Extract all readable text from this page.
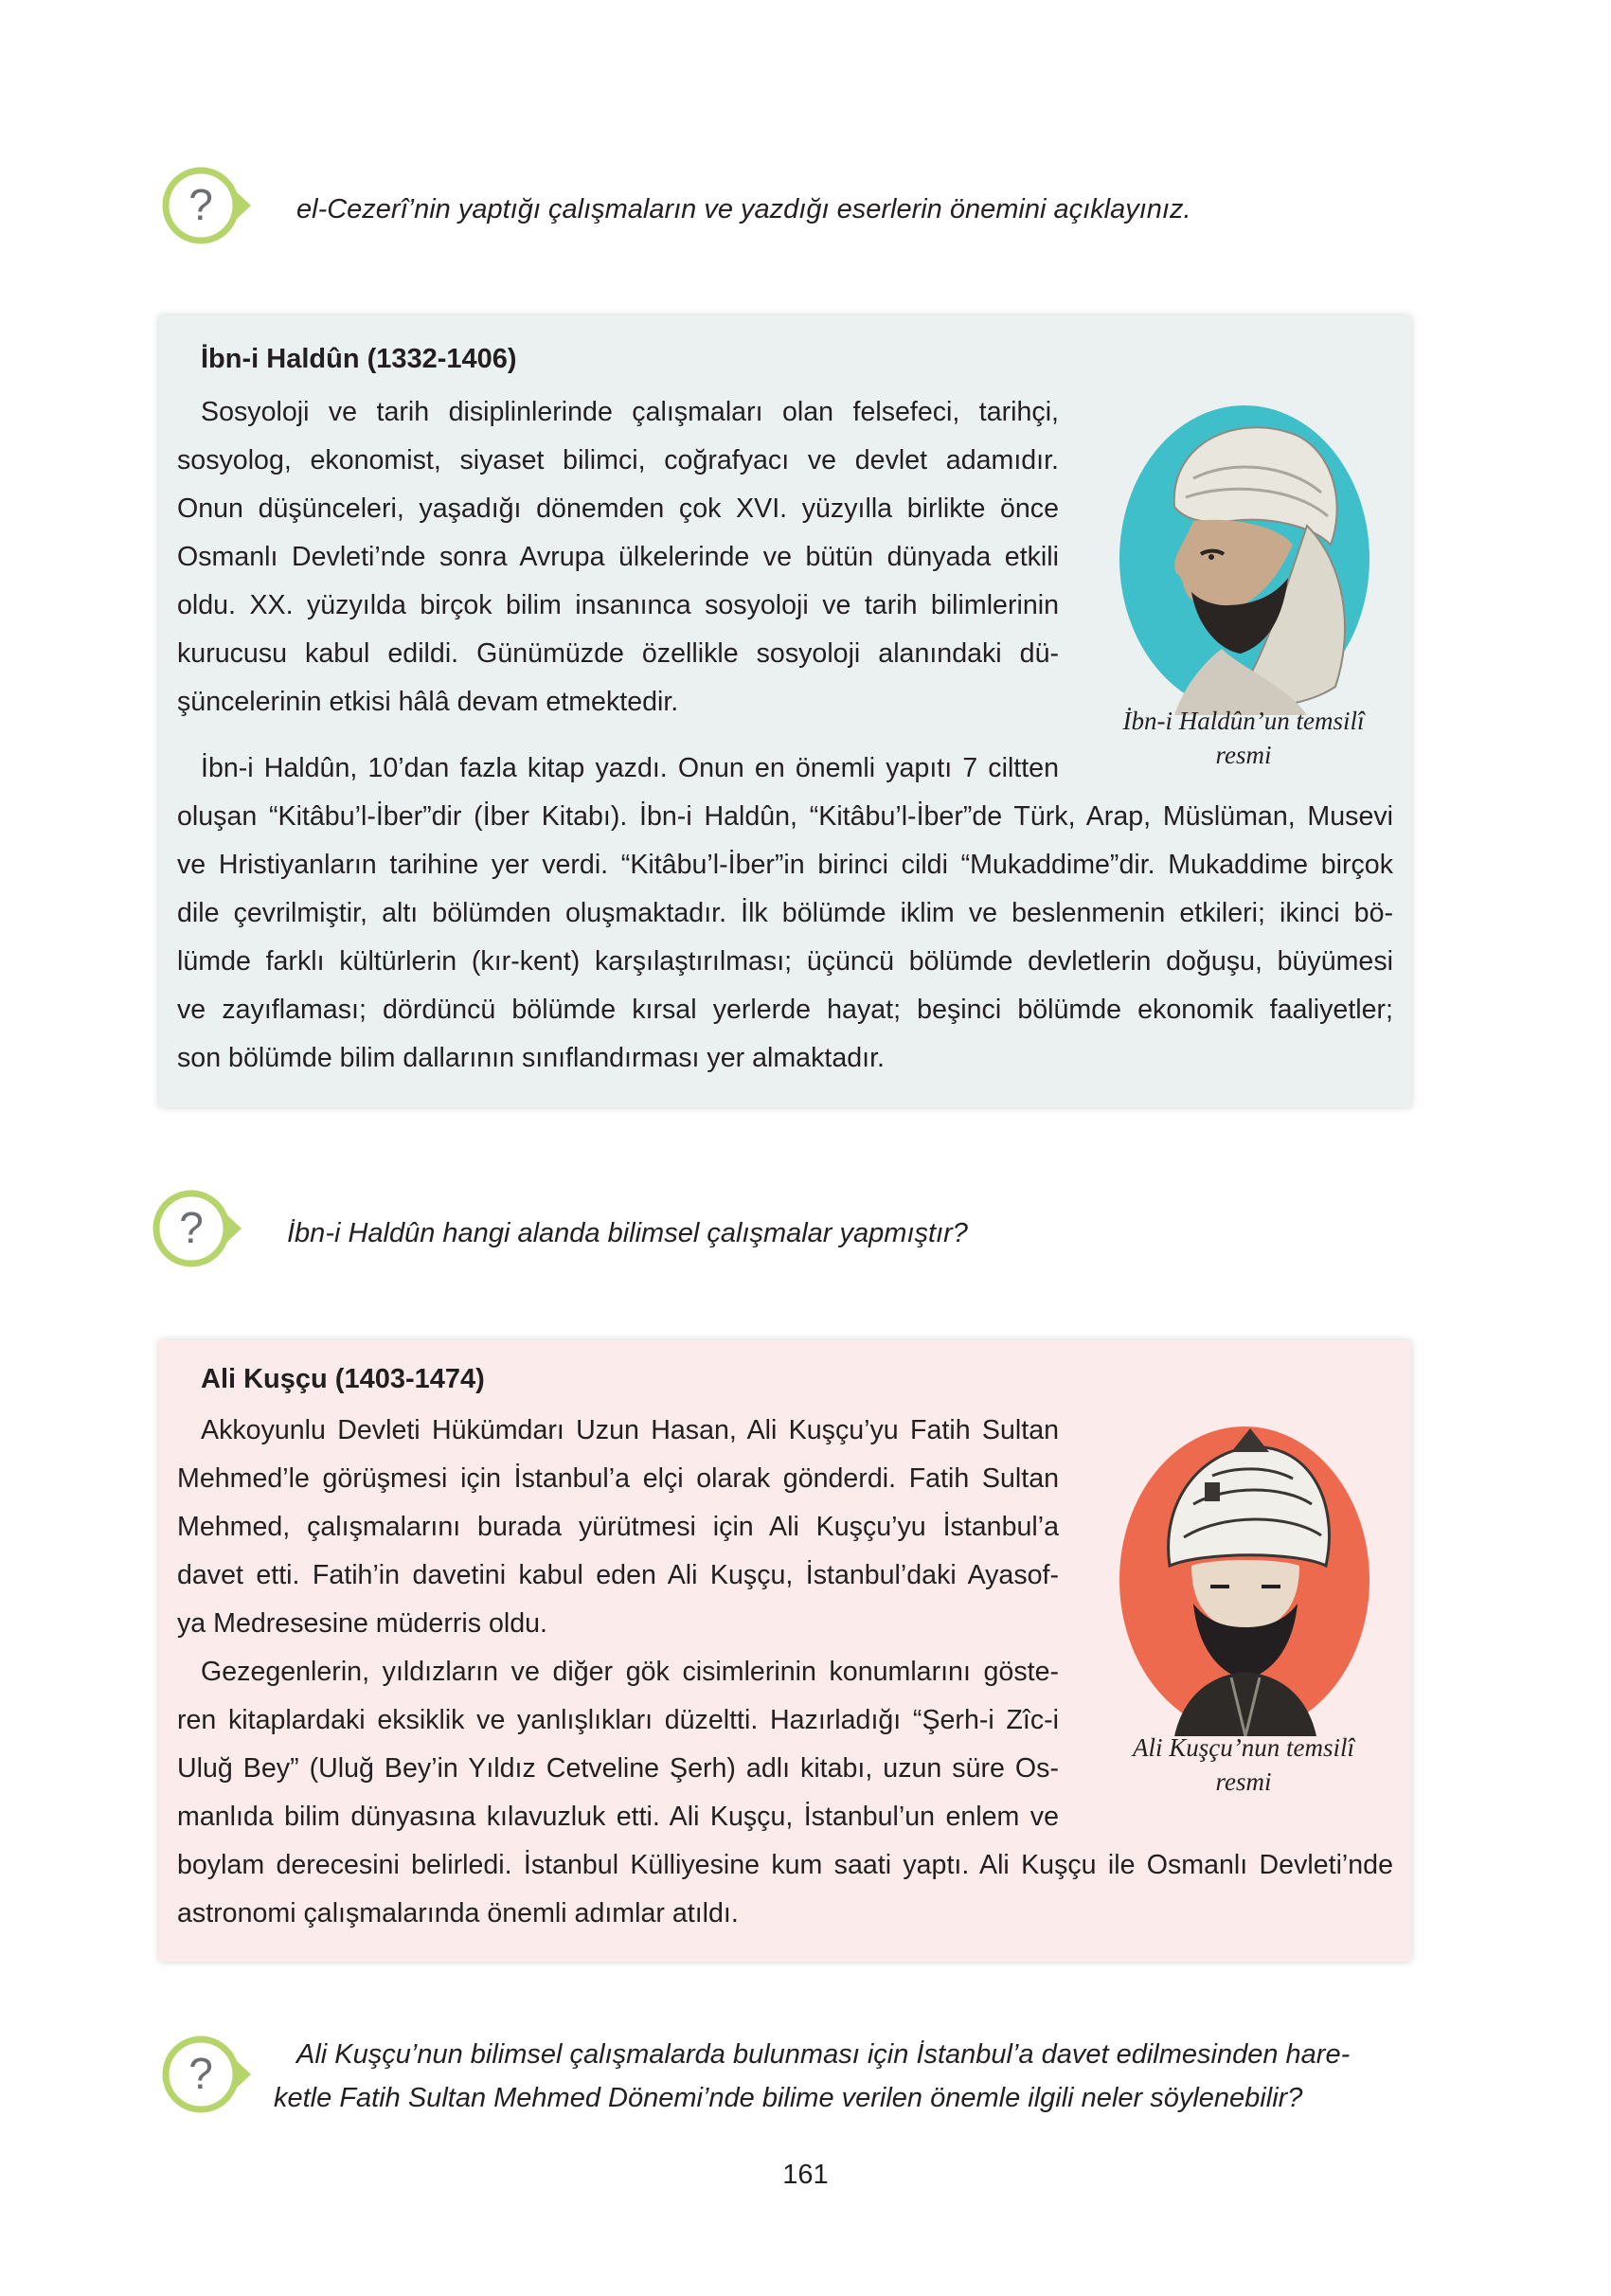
?	el-Cezerî’nin yaptığı çalışmaların ve yazdığı eserlerin önemini açıklayınız.
İbn-i Haldûn (1332-1406)

Sosyoloji ve tarih disiplinlerinde çalışmaları olan felsefeci, tarihçi,

sosyolog, ekonomist, siyaset bilimci, coğrafyacı ve devlet adamıdır.

Onun düşünceleri, yaşadığı dönemden çok XVI. yüzyılla birlikte önce

Osmanlı Devleti’nde sonra Avrupa ülkelerinde ve bütün dünyada etkili

oldu. XX. yüzyılda birçok bilim insanınca sosyoloji ve tarih bilimlerinin

kurucusu kabul edildi. Günümüzde özellikle sosyoloji alanındaki dü-

şüncelerinin etkisi hâlâ devam etmektedir.

İbn-i Haldûn, 10’dan fazla kitap yazdı. Onun en önemli yapıtı 7 ciltten

oluşan “Kitâbu’l-İber”dir (İber Kitabı). İbn-i Haldûn, “Kitâbu’l-İber”de Türk, Arap, Müslüman, Musevi

ve Hristiyanların tarihine yer verdi. “Kitâbu’l-İber”in birinci cildi “Mukaddime”dir. Mukaddime birçok

dile çevrilmiştir, altı bölümden oluşmaktadır. İlk bölümde iklim ve beslenmenin etkileri; ikinci bö-

lümde farklı kültürlerin (kır-kent) karşılaştırılması; üçüncü bölümde devletlerin doğuşu, büyümesi

ve zayıflaması; dördüncü bölümde kırsal yerlerde hayat; beşinci bölümde ekonomik faaliyetler;

son bölümde bilim dallarının sınıflandırması yer almaktadır.

İbn-i Haldûn’un temsilî
resmi
?	İbn-i Haldûn hangi alanda bilimsel çalışmalar yapmıştır?
Ali Kuşçu (1403-1474)

Akkoyunlu Devleti Hükümdarı Uzun Hasan, Ali Kuşçu’yu Fatih Sultan

Mehmed’le görüşmesi için İstanbul’a elçi olarak gönderdi. Fatih Sultan

Mehmed, çalışmalarını burada yürütmesi için Ali Kuşçu’yu İstanbul’a

davet etti. Fatih’in davetini kabul eden Ali Kuşçu, İstanbul’daki Ayasof-

ya Medresesine müderris oldu.

Gezegenlerin, yıldızların ve diğer gök cisimlerinin konumlarını göste-

ren kitaplardaki eksiklik ve yanlışlıkları düzeltti. Hazırladığı “Şerh-i Zîc-i

Uluğ Bey” (Uluğ Bey’in Yıldız Cetveline Şerh) adlı kitabı, uzun süre Os-

manlıda bilim dünyasına kılavuzluk etti. Ali Kuşçu, İstanbul’un enlem ve

boylam derecesini belirledi. İstanbul Külliyesine kum saati yaptı. Ali Kuşçu ile Osmanlı Devleti’nde

astronomi çalışmalarında önemli adımlar atıldı.

Ali Kuşçu’nun temsilî
resmi
?	Ali Kuşçu’nun bilimsel çalışmalarda bulunması için İstanbul’a davet edilmesinden hare-
ketle Fatih Sultan Mehmed Dönemi’nde bilime verilen önemle ilgili neler söylenebilir?
161
